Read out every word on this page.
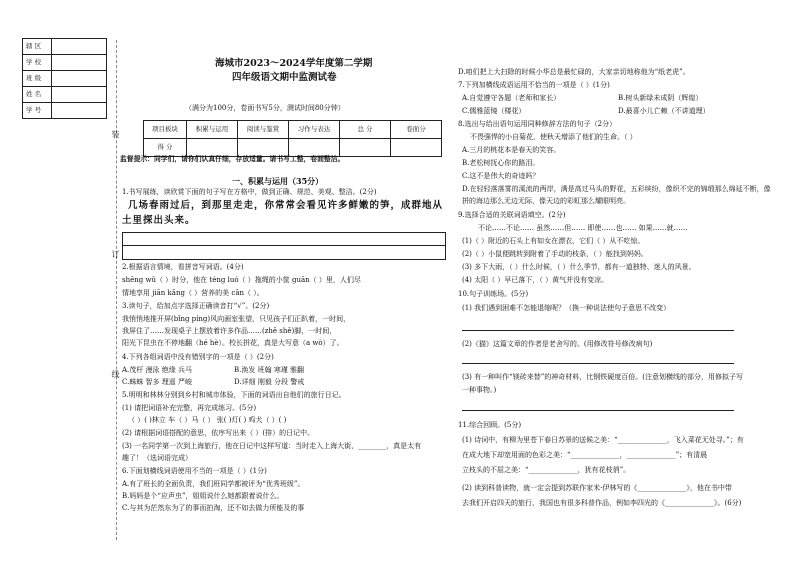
辖 区	
学 校	
班 级	
姓 名	
学 号	
装
订
线
海城市2023～2024学年度第二学期
四年级语文期中监测试卷
（满分为100分，卷面书写5分，测试时间80分钟）
项目板块	积累与运用	阅读与鉴赏	习作与表达	总 分	卷面分
得 分					
监督提示：同学们，请你们认真仔细，存放适量。请书写工整，卷面整洁。
一、积累与运用（35分）
1.书写展练，读欣赏下面的句子写在方格中，做到正确、规范、美观、整洁。(2分)
几场春雨过后，到那里走走，你常常会看见许多鲜嫩的笋，成群地从
土里探出头来。
2.根据语言情境，看拼音写词语。(4分)
shēng wǔ（ ）时分，他在 téng luó（ ）拖绳的小筐 guān（ ）里，人们尽
情地享用 jiān kǎng（ ）营养的美 cān（ ）。
3.读句子，给加点字选择正确读音打“√”。(2分)
我悄悄地推开屏(bǐng píng)风向画室张望，只见孩子们正趴着，一时间，
我屏住了……发现桌子上摆放着许多作品……(zhě shě)脚，一时间，
阳光下昆虫在不停地翻（hé hè）。校长拼花，真是大写意（a wò）了。
4.下列各组词语中没有错别字的一项是（ ）(2分)
A.茂杆 漫泳 绝缘 兵马	B.涣发 班翰 寒瑾 雅翻
C.蛛蛛 智多 理遥 严峻	D.详细 刚毅 分段 警戒
5.明明和林林分别到乡村和城市体验，下面的词语出自他们的旅行日记。
(1) 请把词语补充完整，再完成练习。(5分)
（ ）( )林立 车（ ）马（ ） 张( )灯( ) 鸡犬（ ）( )
(2) 请根据词语搭配的意思，依序写出来（ ）(排）的日记中。
(3) 一名同学第一次到上海旅行，他在日记中这样写道：当时走入上海大街，________，真是太有
趣了！（选词语完成）
6.下面划横线词语使用不当的一项是（ ）(1分)
A.有了班长的全面负责，我们班同学都被评为“优秀班级”。
B.妈妈是个“应声虫”，姐姐说什么她都跟着说什么。
C.与其为茫然东为了的事而拍淘，还不如去做力所能及的事
D.咱们把上大扫除的时候小华总是最忙碌的，大家亲切地称他为“纸老虎”。
7.下列加横线成语运用不恰当的一项是（ ）(1分)
A.自觉遵守各题（老师和家长）	B.树头新绿未成阴（辉煌）
C.儒雅蓝镜（楼花）	D.最喜小儿亡赖（不讲道理）
8.选出与给出语句运用同种修辞方法的句子（2分）
不畏强悍的小自菊花，使秋天增添了他们的生命。（ ）
A.三月的桃花本是春天的笑容。
B.老松树抚心你的路泪。
C.这不是伟大的奇迹吗？
D.在轻轻落落雾的溪流的两岸，满是高过马头的野花，五彩缤纷，像织不完的锦缎那么绵延不断，像
拼的海边那么无边无际，像天边的彩虹那么耀眼明亮。
9.选择合适的关联词语填空。(2分)
不论……不论…… 虽然……但…… 即使……也…… 如果……就……
(1)（ ）附近的石头上有如女在漂衣，它们（ ）从不吃惊。
(2)（ ）小鼠便跳转到附着了手动的枝条，（ ）能找到妈妈。
(3) 多下大雨，（ ）什么时候，（ ）什么季节，都有一道独特、迷人的风景。
(4) 太阳（ ）早已落下，（ ）黄气并没有变凉。
10.句子训练场。(5分)
(1) 我们遇到困难不怎能退缩呢？（换一种说法使句子意思不改变）
(2)《猫》这篇文章的作者是老舍写的。(用修改符号修改病句)
(3) 有一种叫作“镁砖来替”的神奇材料，比钢铁硬度百倍。(注意划横线的部分，用修拟子写
一种事物。)
11.综合回顾。(5分)
(1) 诗词中，有柳为里苍下春日苏景的送候之美：“______________，飞入菜花无处寻。”；有
在成大地下却宽用面的色彩之美：“______________，______________”；有清晨
立枝头的不屈之美：“______________，犹有花枝俏”。
(2) 读到科普读物，就一定会提到苏联作家米·伊林写的《______________》，他在书中带
去我们开启四天的旅行，我国也有很多科普作品，例如李四光的《______________》。(6分)
